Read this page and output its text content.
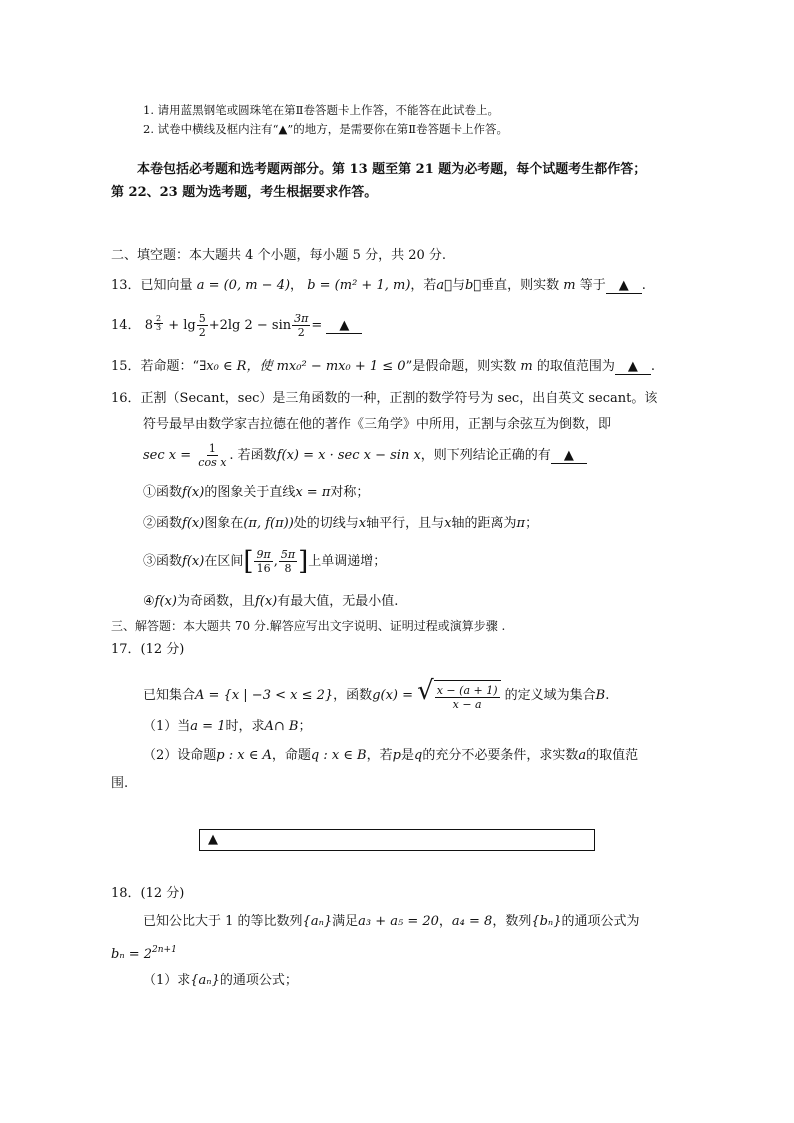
1. 请用蓝黑钢笔或圆珠笔在第Ⅱ卷答题卡上作答，不能答在此试卷上。
2. 试卷中横线及框内注有“▲”的地方，是需要你在第Ⅱ卷答题卡上作答。
本卷包括必考题和选考题两部分。第 13 题至第 21 题为必考题，每个试题考生都作答；
第 22、23 题为选考题，考生根据要求作答。
二、填空题：本大题共 4 个小题，每小题 5 分，共 20 分.
13．已知向量 a = (0, m − 4)， b = (m² + 1, m)，若a⃗与b⃗垂直，则实数 m 等于 ▲ .
14． $8 \frac{2}{3} + \lg \frac{5}{2} +2\lg$ $2 - \sin \frac{3\pi}{2}$ = ▲
15．若命题：“∃x₀ ∈ R，使 mx₀² − mx₀ + 1 ≤ 0”是假命题，则实数 m 的取值范围为 ▲ .
16．正割（Secant，sec）是三角函数的一种，正割的数学符号为 sec，出自英文 secant。该
符号最早由数学家吉拉德在他的著作《三角学》中所用，正割与余弦互为倒数，即
$\sec x = \frac{1}{\text{cos x}}$ . 若函数f(x) = x · sec x − sin x，则下列结论正确的有 ▲
①函数f(x)的图象关于直线x = π对称；
②函数f(x)图象在(π, f(π))处的切线与x轴平行，且与x轴的距离为π；
③函数f(x)在区间[ $\frac{9\pi}{16}$ , $\frac{5\pi}{8}$ ]上单调递增；
④f(x)为奇函数，且f(x)有最大值，无最小值.
三、解答题：本大题共 70 分.解答应写出文字说明、证明过程或演算步骤 .
17．(12 分)
已知集合A = {x | −3 < x ≤ 2}，函数g(x) = √ $\frac{x - (a + 1)}{x - a}$ 的定义域为集合B.
（1）当a = 1时，求A∩ B；
（2）设命题p : x ∈ A，命题q : x ∈ B，若p是q的充分不必要条件，求实数a的取值范
围.
▲
18．(12 分)
已知公比大于 1 的等比数列{aₙ}满足a₃ + a₅ = 20，a₄ = 8，数列{bₙ}的通项公式为
$b_n = 2^{2n+1}$
（1）求{aₙ}的通项公式；
